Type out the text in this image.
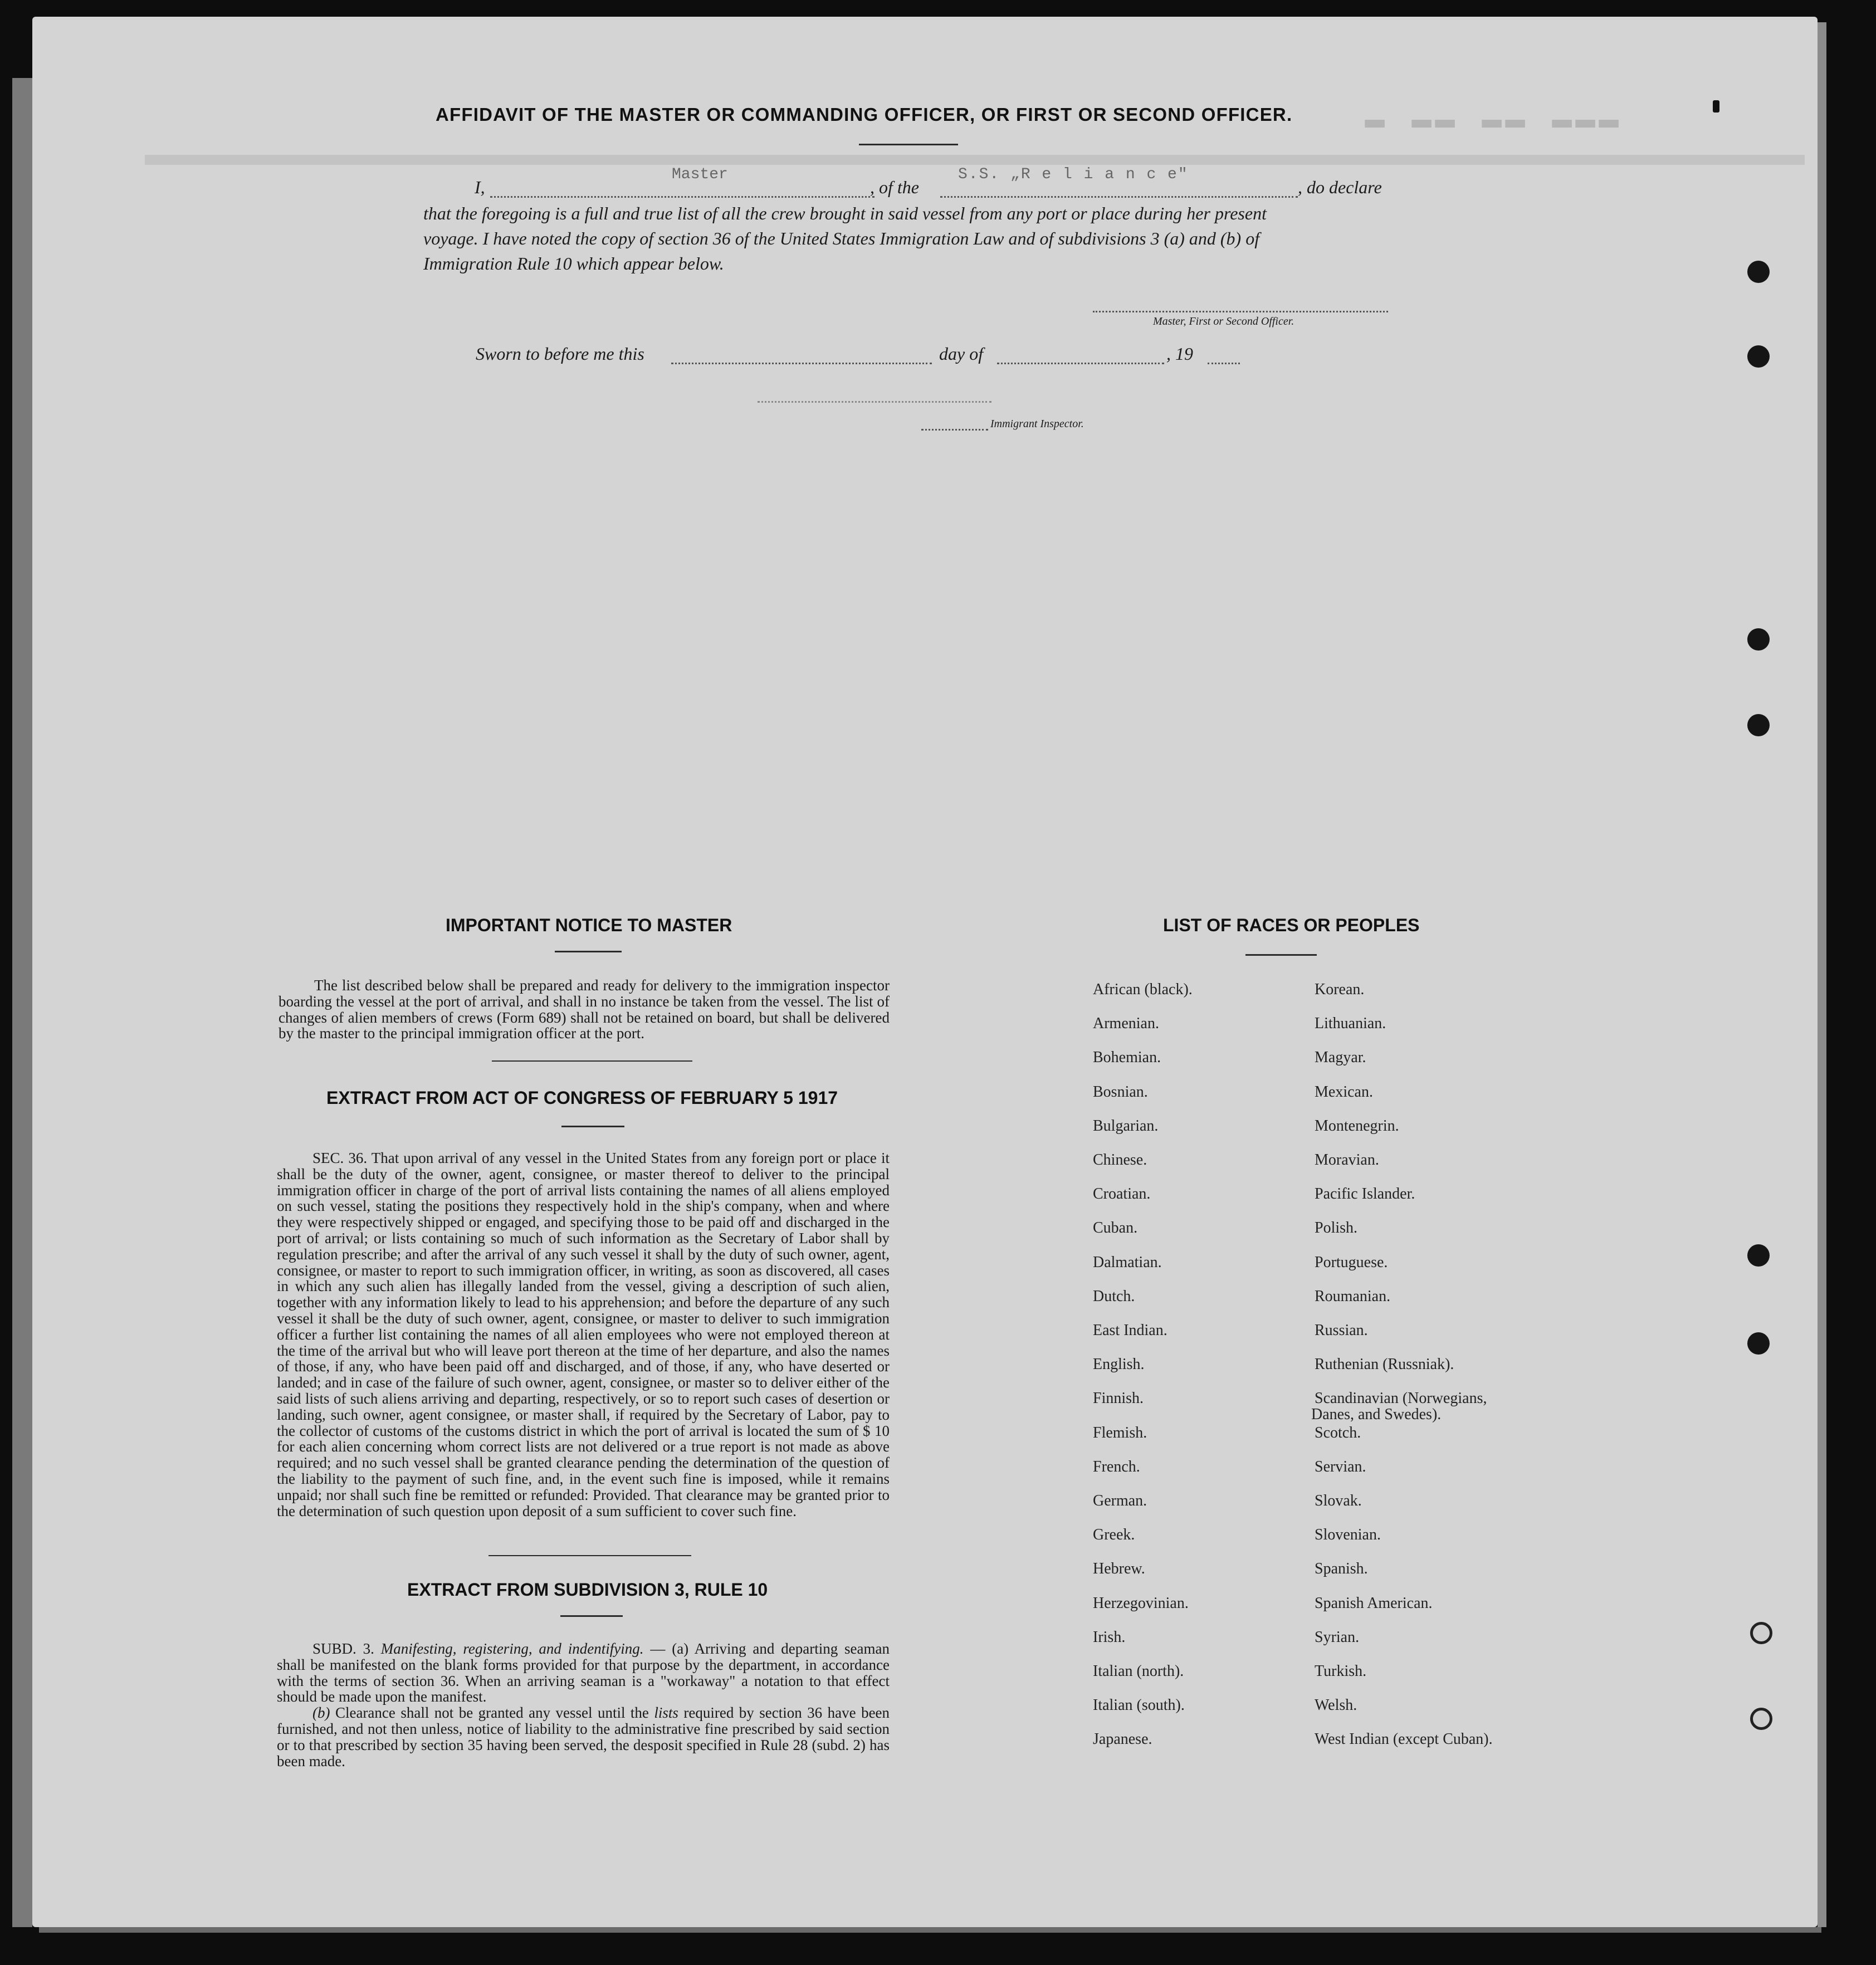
▬ ▬▬ ▬▬ ▬▬▬
AFFIDAVIT OF THE MASTER OR COMMANDING OFFICER, OR FIRST OR SECOND OFFICER.
I,
Master
, of the
S.S. „R e l i a n c e"
, do declare
that the foregoing is a full and true list of all the crew brought in said vessel from any port or place during her present
voyage. I have noted the copy of section 36 of the United States Immigration Law and of subdivisions 3 (a) and (b) of
Immigration Rule 10 which appear below.
Master, First or Second Officer.
Sworn to before me this	day of	, 19
Immigrant Inspector.
IMPORTANT NOTICE TO MASTER

The list described below shall be prepared and ready for delivery to the immigration inspector boarding the vessel at the port of arrival, and shall in no instance be taken from the vessel. The list of changes of alien members of crews (Form 689) shall not be retained on board, but shall be delivered by the master to the principal immigration officer at the port.

EXTRACT FROM ACT OF CONGRESS OF FEBRUARY 5 1917

SEC. 36. That upon arrival of any vessel in the United States from any foreign port or place it shall be the duty of the owner, agent, consignee, or master thereof to deliver to the principal immigration officer in charge of the port of arrival lists containing the names of all aliens employed on such vessel, stating the positions they respectively hold in the ship's company, when and where they were respectively shipped or engaged, and specifying those to be paid off and discharged in the port of arrival; or lists containing so much of such information as the Secretary of Labor shall by regulation prescribe; and after the arrival of any such vessel it shall by the duty of such owner, agent, consignee, or master to report to such immigration officer, in writing, as soon as discovered, all cases in which any such alien has illegally landed from the vessel, giving a description of such alien, together with any information likely to lead to his apprehension; and before the departure of any such vessel it shall be the duty of such owner, agent, consignee, or master to deliver to such immigration officer a further list containing the names of all alien employees who were not employed thereon at the time of the arrival but who will leave port thereon at the time of her departure, and also the names of those, if any, who have been paid off and discharged, and of those, if any, who have deserted or landed; and in case of the failure of such owner, agent, consignee, or master so to deliver either of the said lists of such aliens arriving and departing, respectively, or so to report such cases of desertion or landing, such owner, agent consignee, or master shall, if required by the Secretary of Labor, pay to the collector of customs of the customs district in which the port of arrival is located the sum of $ 10 for each alien concerning whom correct lists are not delivered or a true report is not made as above required; and no such vessel shall be granted clearance pending the determination of the question of the liability to the payment of such fine, and, in the event such fine is imposed, while it remains unpaid; nor shall such fine be remitted or refunded: Provided. That clearance may be granted prior to the determination of such question upon deposit of a sum sufficient to cover such fine.

EXTRACT FROM SUBDIVISION 3, RULE 10

SUBD. 3. Manifesting, registering, and indentifying. — (a) Arriving and departing seaman shall be manifested on the blank forms provided for that purpose by the department, in accordance with the terms of section 36. When an arriving seaman is a "workaway" a notation to that effect should be made upon the manifest.

(b) Clearance shall not be granted any vessel until the lists required by section 36 have been furnished, and not then unless, notice of liability to the administrative fine prescribed by said section or to that prescribed by section 35 having been served, the desposit specified in Rule 28 (subd. 2) has been made.

LIST OF RACES OR PEOPLES
African (black).
Armenian.
Bohemian.
Bosnian.
Bulgarian.
Chinese.
Croatian.
Cuban.
Dalmatian.
Dutch.
East Indian.
English.
Finnish.
Flemish.
French.
German.
Greek.
Hebrew.
Herzegovinian.
Irish.
Italian (north).
Italian (south).
Japanese.
Korean.
Lithuanian.
Magyar.
Mexican.
Montenegrin.
Moravian.
Pacific Islander.
Polish.
Portuguese.
Roumanian.
Russian.
Ruthenian (Russniak).
Scandinavian (Norwegians,
Scotch.
Servian.
Slovak.
Slovenian.
Spanish.
Spanish American.
Syrian.
Turkish.
Welsh.
West Indian (except Cuban).
Danes, and Swedes).
